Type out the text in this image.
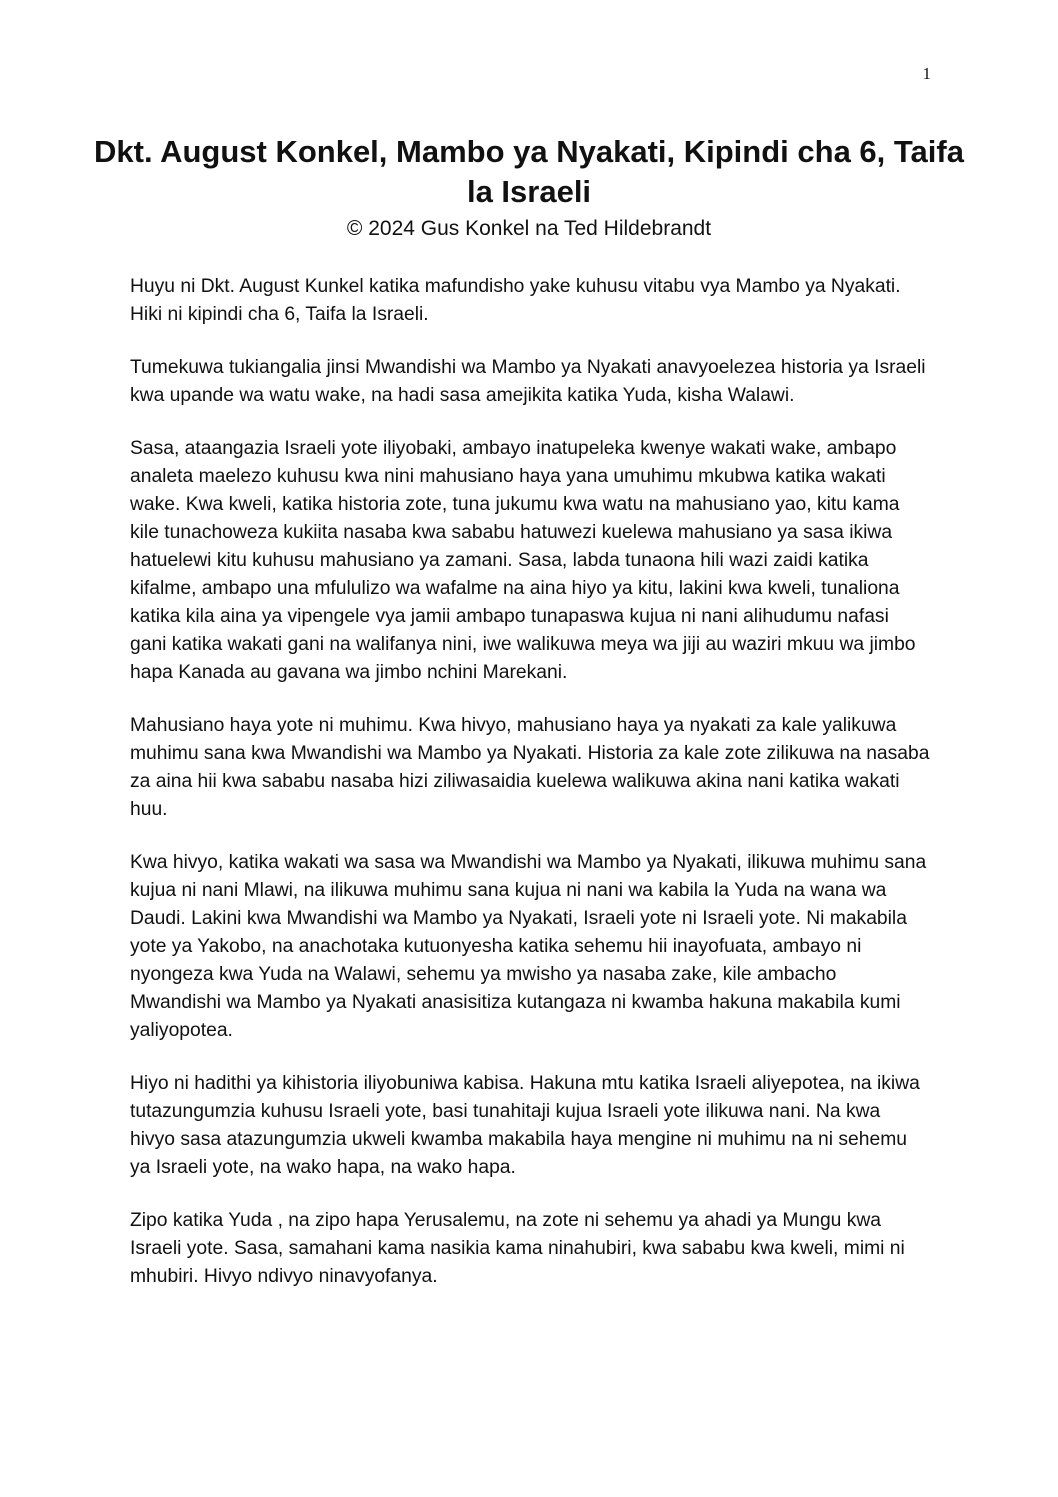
1
Dkt. August Konkel, Mambo ya Nyakati, Kipindi cha 6, Taifa la Israeli
© 2024 Gus Konkel na Ted Hildebrandt

Huyu ni Dkt. August Kunkel katika mafundisho yake kuhusu vitabu vya Mambo ya Nyakati. Hiki ni kipindi cha 6, Taifa la Israeli.

Tumekuwa tukiangalia jinsi Mwandishi wa Mambo ya Nyakati anavyoelezea historia ya Israeli kwa upande wa watu wake, na hadi sasa amejikita katika Yuda, kisha Walawi.

Sasa, ataangazia Israeli yote iliyobaki, ambayo inatupeleka kwenye wakati wake, ambapo analeta maelezo kuhusu kwa nini mahusiano haya yana umuhimu mkubwa katika wakati wake. Kwa kweli, katika historia zote, tuna jukumu kwa watu na mahusiano yao, kitu kama kile tunachoweza kukiita nasaba kwa sababu hatuwezi kuelewa mahusiano ya sasa ikiwa hatuelewi kitu kuhusu mahusiano ya zamani. Sasa, labda tunaona hili wazi zaidi katika kifalme, ambapo una mfululizo wa wafalme na aina hiyo ya kitu, lakini kwa kweli, tunaliona katika kila aina ya vipengele vya jamii ambapo tunapaswa kujua ni nani alihudumu nafasi gani katika wakati gani na walifanya nini, iwe walikuwa meya wa jiji au waziri mkuu wa jimbo hapa Kanada au gavana wa jimbo nchini Marekani.

Mahusiano haya yote ni muhimu. Kwa hivyo, mahusiano haya ya nyakati za kale yalikuwa muhimu sana kwa Mwandishi wa Mambo ya Nyakati. Historia za kale zote zilikuwa na nasaba za aina hii kwa sababu nasaba hizi ziliwasaidia kuelewa walikuwa akina nani katika wakati huu.

Kwa hivyo, katika wakati wa sasa wa Mwandishi wa Mambo ya Nyakati, ilikuwa muhimu sana kujua ni nani Mlawi, na ilikuwa muhimu sana kujua ni nani wa kabila la Yuda na wana wa Daudi. Lakini kwa Mwandishi wa Mambo ya Nyakati, Israeli yote ni Israeli yote. Ni makabila yote ya Yakobo, na anachotaka kutuonyesha katika sehemu hii inayofuata, ambayo ni nyongeza kwa Yuda na Walawi, sehemu ya mwisho ya nasaba zake, kile ambacho Mwandishi wa Mambo ya Nyakati anasisitiza kutangaza ni kwamba hakuna makabila kumi yaliyopotea.

Hiyo ni hadithi ya kihistoria iliyobuniwa kabisa. Hakuna mtu katika Israeli aliyepotea, na ikiwa tutazungumzia kuhusu Israeli yote, basi tunahitaji kujua Israeli yote ilikuwa nani. Na kwa hivyo sasa atazungumzia ukweli kwamba makabila haya mengine ni muhimu na ni sehemu ya Israeli yote, na wako hapa, na wako hapa.

Zipo katika Yuda , na zipo hapa Yerusalemu, na zote ni sehemu ya ahadi ya Mungu kwa Israeli yote. Sasa, samahani kama nasikia kama ninahubiri, kwa sababu kwa kweli, mimi ni mhubiri. Hivyo ndivyo ninavyofanya.
